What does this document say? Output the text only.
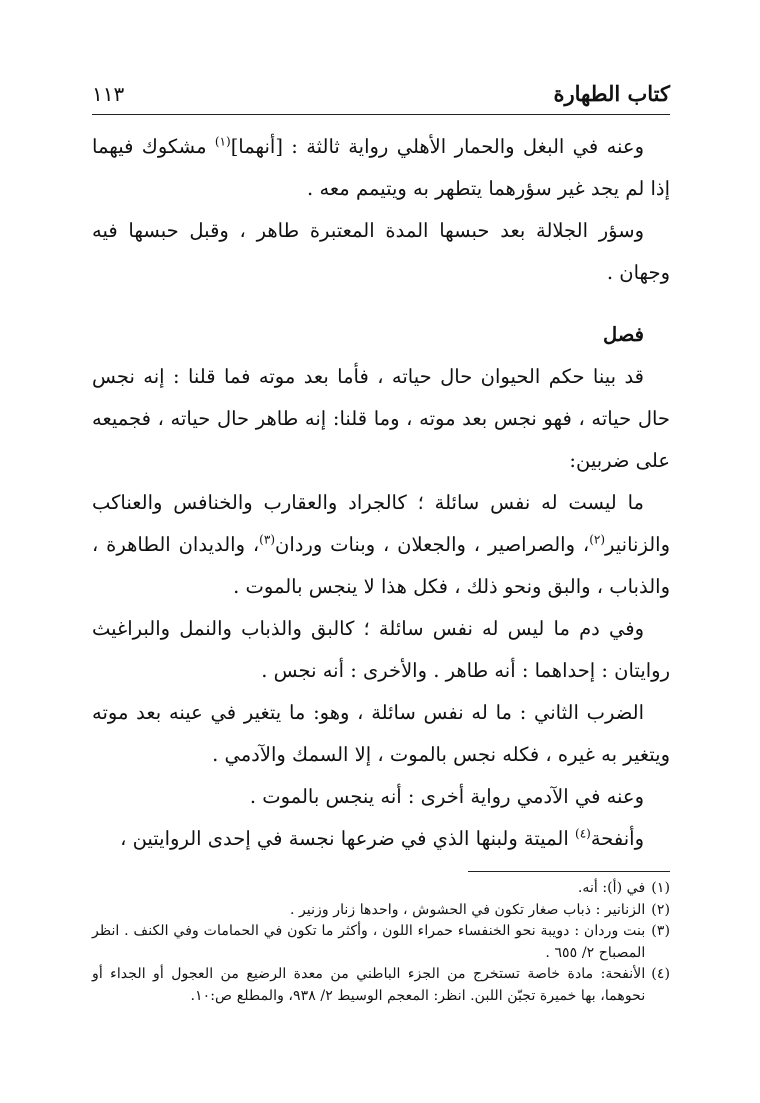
كتاب الطهارة
١١٣

وعنه في البغل والحمار الأهلي رواية ثالثة : [أنهما]$^{(١)}$ مشكوك فيهما إذا لم يجد غير سؤرهما يتطهر به ويتيمم معه .

وسؤر الجلالة بعد حبسها المدة المعتبرة طاهر ، وقبل حبسها فيه وجهان .

فصل

قد بينا حكم الحيوان حال حياته ، فأما بعد موته فما قلنا : إنه نجس حال حياته ، فهو نجس بعد موته ، وما قلنا: إنه طاهر حال حياته ، فجميعه على ضربين:

ما ليست له نفس سائلة ؛ كالجراد والعقارب والخنافس والعناكب والزنانير$^{(٢)}$، والصراصير ، والجعلان ، وبنات وردان$^{(٣)}$، والديدان الطاهرة ، والذباب ، والبق ونحو ذلك ، فكل هذا لا ينجس بالموت .

وفي دم ما ليس له نفس سائلة ؛ كالبق والذباب والنمل والبراغيث روايتان : إحداهما : أنه طاهر . والأخرى : أنه نجس .

الضرب الثاني : ما له نفس سائلة ، وهو: ما يتغير في عينه بعد موته ويتغير به غيره ، فكله نجس بالموت ، إلا السمك والآدمي .

وعنه في الآدمي رواية أخرى : أنه ينجس بالموت .

وأنفحة$^{(٤)}$ الميتة ولبنها الذي في ضرعها نجسة في إحدى الروايتين ،

(١)
في (أ): أنه.

(٢)
الزنانير : ذباب صغار تكون في الحشوش ، واحدها زنار وزنير .

(٣)
بنت وردان : دويبة نحو الخنفساء حمراء اللون ، وأكثر ما تكون في الحمامات وفي الكنف . انظر المصباح ٢/ ٦٥٥ .

(٤)
الأنفحة: مادة خاصة تستخرج من الجزء الباطني من معدة الرضيع من العجول أو الجداء أو نحوهما، بها خميرة تجبّن اللبن. انظر: المعجم الوسيط ٢/ ٩٣٨، والمطلع ص:١٠.
